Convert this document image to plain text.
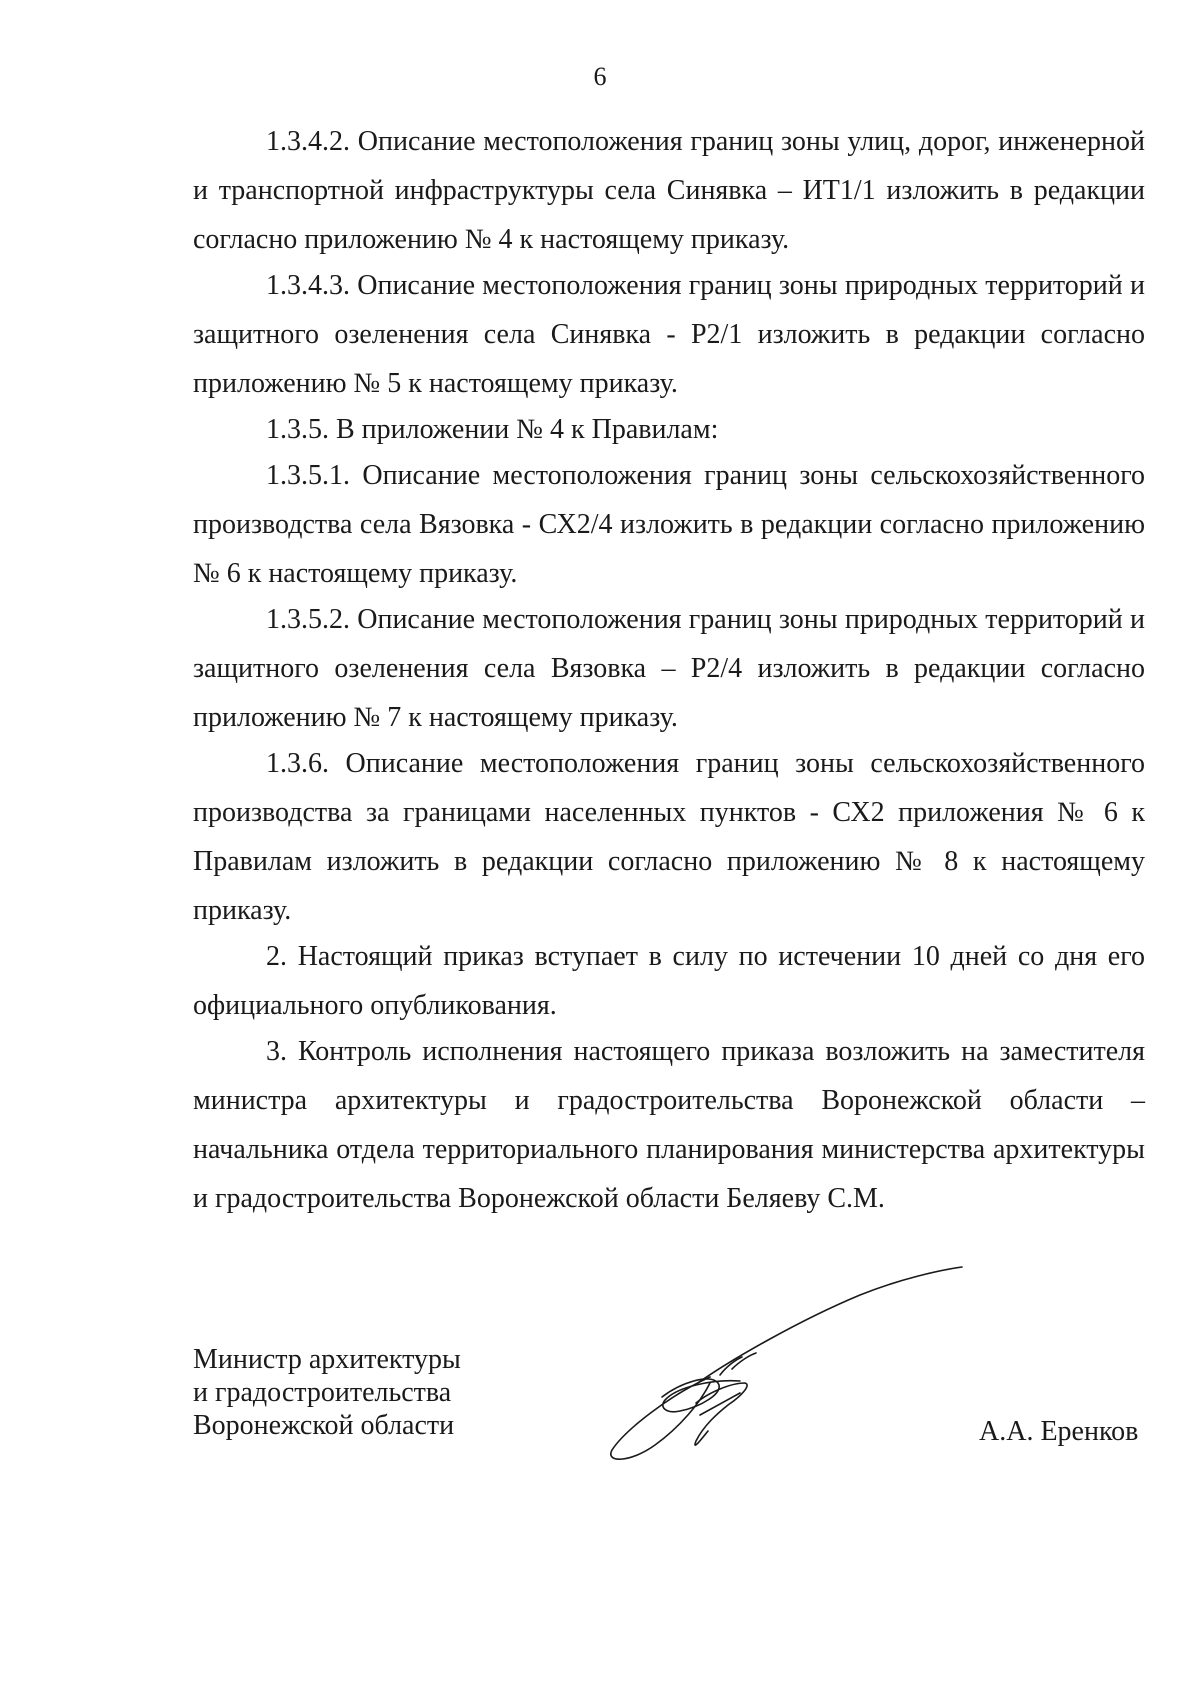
6

1.3.4.2. Описание местоположения границ зоны улиц, дорог, инженерной и транспортной инфраструктуры села Синявка – ИТ1/1 изложить в редакции согласно приложению № 4 к настоящему приказу.

1.3.4.3. Описание местоположения границ зоны природных территорий и защитного озеленения села Синявка - Р2/1 изложить в редакции согласно приложению № 5 к настоящему приказу.

1.3.5. В приложении № 4 к Правилам:

1.3.5.1. Описание местоположения границ зоны сельскохозяйственного производства села Вязовка - СХ2/4 изложить в редакции согласно приложению № 6 к настоящему приказу.

1.3.5.2. Описание местоположения границ зоны природных территорий и защитного озеленения села Вязовка – Р2/4 изложить в редакции согласно приложению № 7 к настоящему приказу.

1.3.6. Описание местоположения границ зоны сельскохозяйственного производства за границами населенных пунктов - СХ2 приложения № 6 к Правилам изложить в редакции согласно приложению № 8 к настоящему приказу.

2. Настоящий приказ вступает в силу по истечении 10 дней со дня его официального опубликования.

3. Контроль исполнения настоящего приказа возложить на заместителя министра архитектуры и градостроительства Воронежской области – начальника отдела территориального планирования министерства архитектуры и градостроительства Воронежской области Беляеву С.М.

Министр архитектуры
и градостроительства
Воронежской области	А.А. Еренков
